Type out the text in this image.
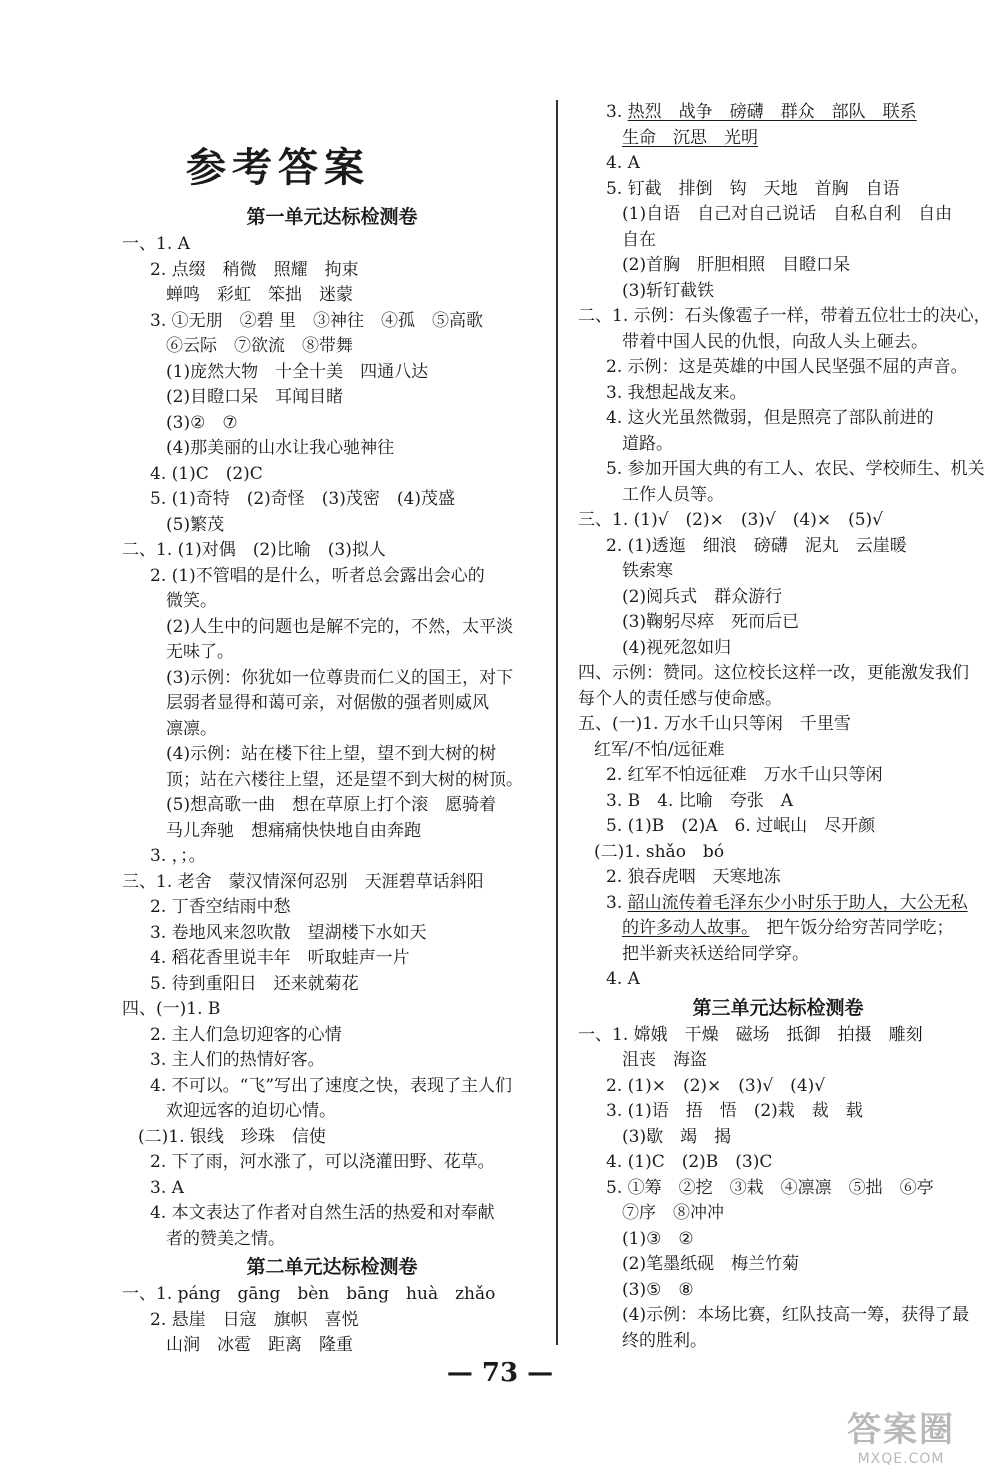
参考答案
第一单元达标检测卷
一、1. A
2. 点缀　稍微　照耀　拘束
蝉鸣　彩虹　笨拙　迷蒙
3. ①无朋　②碧 里　③神往　④孤　⑤高歌
⑥云际　⑦欲流　⑧带舞
(1)庞然大物　十全十美　四通八达
(2)目瞪口呆　耳闻目睹
(3)②　⑦
(4)那美丽的山水让我心驰神往
4. (1)C　(2)C
5. (1)奇特　(2)奇怪　(3)茂密　(4)茂盛
(5)繁茂
二、1. (1)对偶　(2)比喻　(3)拟人
2. (1)不管唱的是什么，听者总会露出会心的
微笑。
(2)人生中的问题也是解不完的，不然，太平淡
无味了。
(3)示例：你犹如一位尊贵而仁义的国王，对下
层弱者显得和蔼可亲，对倨傲的强者则威风
凛凛。
(4)示例：站在楼下往上望，望不到大树的树
顶；站在六楼往上望，还是望不到大树的树顶。
(5)想高歌一曲　想在草原上打个滚　愿骑着
马儿奔驰　想痛痛快快地自由奔跑
3. ，；。
三、1. 老舍　蒙汉情深何忍别　天涯碧草话斜阳
2. 丁香空结雨中愁
3. 卷地风来忽吹散　望湖楼下水如天
4. 稻花香里说丰年　听取蛙声一片
5. 待到重阳日　还来就菊花
四、(一)1. B
2. 主人们急切迎客的心情
3. 主人们的热情好客。
4. 不可以。“飞”写出了速度之快，表现了主人们
欢迎远客的迫切心情。
(二)1. 银线　珍珠　信使
2. 下了雨，河水涨了，可以浇灌田野、花草。
3. A
4. 本文表达了作者对自然生活的热爱和对奉献
者的赞美之情。
第二单元达标检测卷
一、1. páng　gāng　bèn　bāng　huà　zhǎo
2. 悬崖　日寇　旗帜　喜悦
山涧　冰雹　距离　隆重
3. 热烈　战争　磅礴　群众　部队　联系
生命　沉思　光明
4. A
5. 钉截　排倒　钩　天地　首胸　自语
(1)自语　自己对自己说话　自私自利　自由
自在
(2)首胸　肝胆相照　目瞪口呆
(3)斩钉截铁
二、1. 示例：石头像雹子一样，带着五位壮士的决心，
带着中国人民的仇恨，向敌人头上砸去。
2. 示例：这是英雄的中国人民坚强不屈的声音。
3. 我想起战友来。
4. 这火光虽然微弱，但是照亮了部队前进的
道路。
5. 参加开国大典的有工人、农民、学校师生、机关
工作人员等。
三、1. (1)√　(2)×　(3)√　(4)×　(5)√
2. (1)透迤　细浪　磅礴　泥丸　云崖暖
铁索寒
(2)阅兵式　群众游行
(3)鞠躬尽瘁　死而后已
(4)视死忽如归
四、示例：赞同。这位校长这样一改，更能激发我们
每个人的责任感与使命感。
五、(一)1. 万水千山只等闲　千里雪
红军/不怕/远征难
2. 红军不怕远征难　万水千山只等闲
3. B　4. 比喻　夸张　A
5. (1)B　(2)A　6. 过岷山　尽开颜
(二)1. shǎo　bó
2. 狼吞虎咽　天寒地冻
3. 韶山流传着毛泽东少小时乐于助人，大公无私
的许多动人故事。　把午饭分给穷苦同学吃；
把半新夹袄送给同学穿。
4. A
第三单元达标检测卷
一、1. 嫦娥　干燥　磁场　抵御　拍摄　雕刻
沮丧　海盗
2. (1)×　(2)×　(3)√　(4)√
3. (1)语　捂　悟　(2)栽　裁　载
(3)歇　竭　揭
4. (1)C　(2)B　(3)C
5. ①筹　②挖　③栽　④凛凛　⑤拙　⑥亭
⑦序　⑧冲冲
(1)③　②
(2)笔墨纸砚　梅兰竹菊
(3)⑤　⑧
(4)示例：本场比赛，红队技高一筹，获得了最
终的胜利。
— 73 —
答案圈
MXQE.COM
